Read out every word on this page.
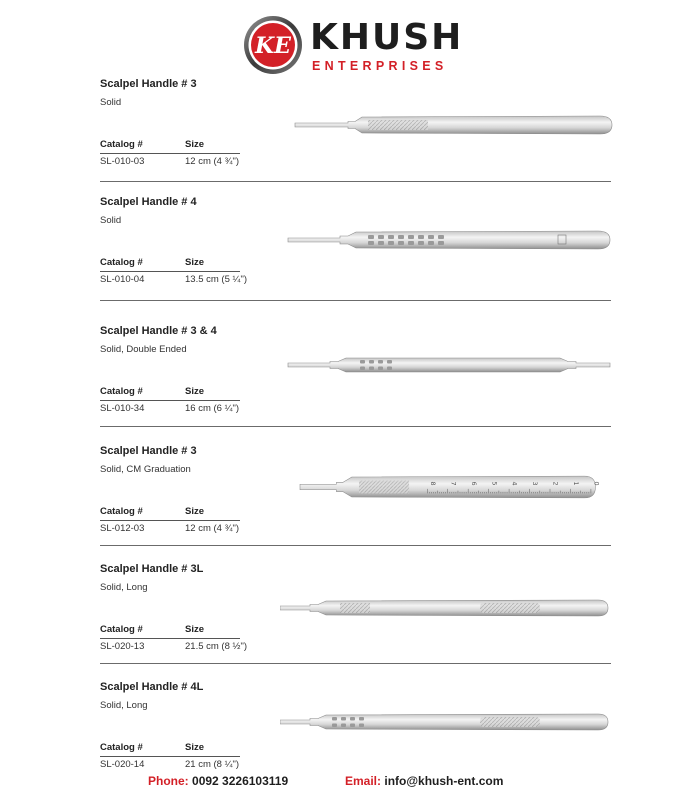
KE KHUSH
ENTERPRISES
Scalpel Handle # 3
Solid
Catalog #	Size
SL-010-03	12 cm (4 ¾")
Scalpel Handle # 4
Solid
Catalog #	Size
SL-010-04	13.5 cm (5 ¼")
Scalpel Handle # 3 & 4
Solid, Double Ended
Catalog #	Size
SL-010-34	16 cm (6 ¼")
Scalpel Handle # 3
Solid, CM Graduation
Catalog #	Size
SL-012-03	12 cm (4 ¾")
8 7 6 5 4 3 2 1 0
Scalpel Handle # 3L
Solid, Long
Catalog #	Size
SL-020-13	21.5 cm (8 ½")
Scalpel Handle # 4L
Solid, Long
Catalog #	Size
SL-020-14	21 cm (8 ¼")
Phone: 0092 3226103119	Email: info@khush-ent.com
